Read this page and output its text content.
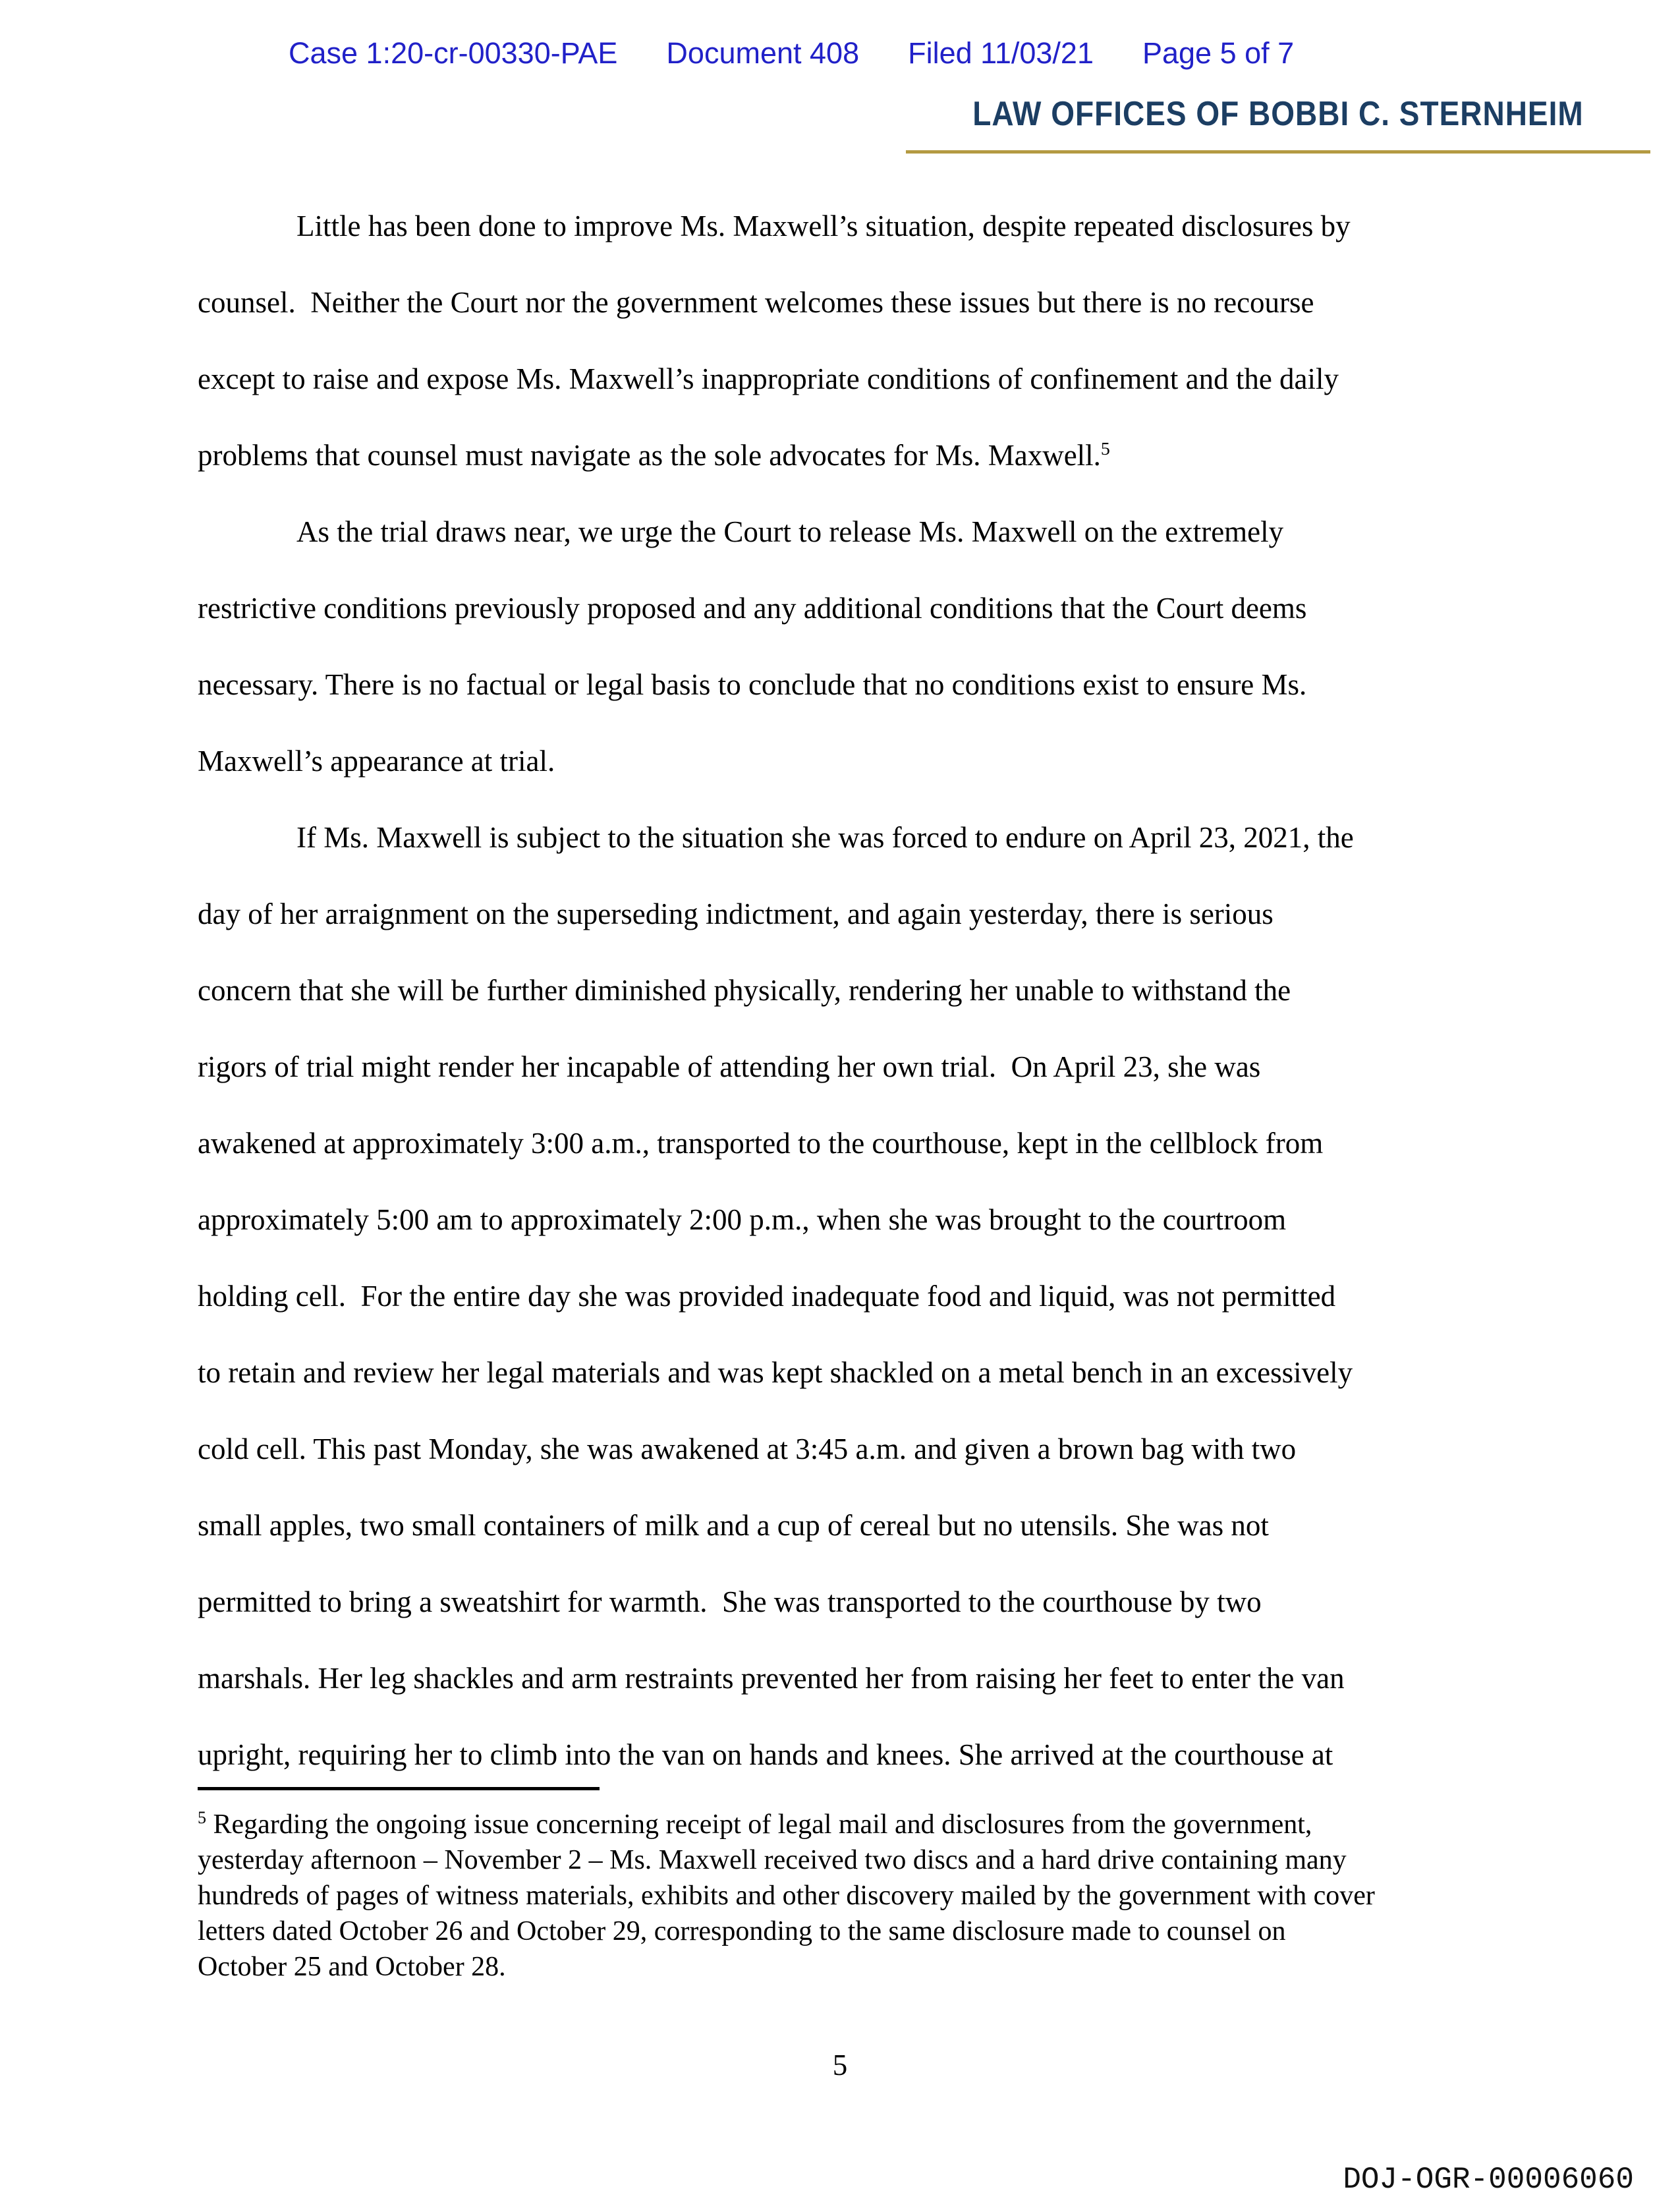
Case 1:20-cr-00330-PAE Document 408 Filed 11/03/21 Page 5 of 7
LAW OFFICES OF BOBBI C. STERNHEIM
Little has been done to improve Ms. Maxwell’s situation, despite repeated disclosures by
counsel.  Neither the Court nor the government welcomes these issues but there is no recourse
except to raise and expose Ms. Maxwell’s inappropriate conditions of confinement and the daily
problems that counsel must navigate as the sole advocates for Ms. Maxwell.$^5$
As the trial draws near, we urge the Court to release Ms. Maxwell on the extremely
restrictive conditions previously proposed and any additional conditions that the Court deems
necessary. There is no factual or legal basis to conclude that no conditions exist to ensure Ms.
Maxwell’s appearance at trial.
If Ms. Maxwell is subject to the situation she was forced to endure on April 23, 2021, the
day of her arraignment on the superseding indictment, and again yesterday, there is serious
concern that she will be further diminished physically, rendering her unable to withstand the
rigors of trial might render her incapable of attending her own trial.  On April 23, she was
awakened at approximately 3:00 a.m., transported to the courthouse, kept in the cellblock from
approximately 5:00 am to approximately 2:00 p.m., when she was brought to the courtroom
holding cell.  For the entire day she was provided inadequate food and liquid, was not permitted
to retain and review her legal materials and was kept shackled on a metal bench in an excessively
cold cell. This past Monday, she was awakened at 3:45 a.m. and given a brown bag with two
small apples, two small containers of milk and a cup of cereal but no utensils. She was not
permitted to bring a sweatshirt for warmth.  She was transported to the courthouse by two
marshals. Her leg shackles and arm restraints prevented her from raising her feet to enter the van
upright, requiring her to climb into the van on hands and knees. She arrived at the courthouse at
$^5$ Regarding the ongoing issue concerning receipt of legal mail and disclosures from the government,
yesterday afternoon – November 2 – Ms. Maxwell received two discs and a hard drive containing many
hundreds of pages of witness materials, exhibits and other discovery mailed by the government with cover
letters dated October 26 and October 29, corresponding to the same disclosure made to counsel on
October 25 and October 28.
5
DOJ-OGR-00006060
